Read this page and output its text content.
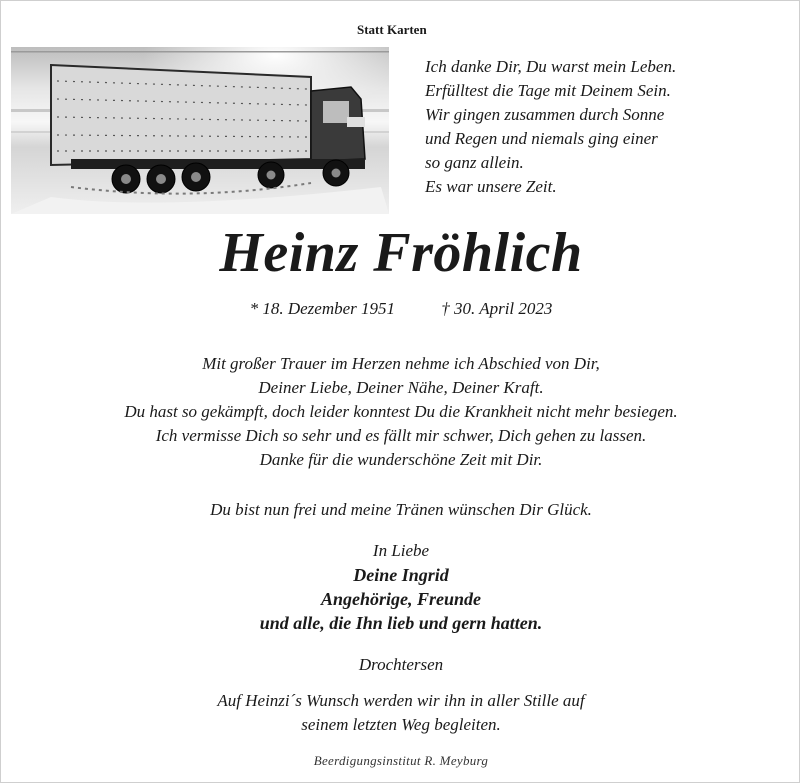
Statt Karten
Ich danke Dir, Du warst mein Leben.
Erfülltest die Tage mit Deinem Sein.
Wir gingen zusammen durch Sonne
und Regen und niemals ging einer
so ganz allein.
Es war unsere Zeit.
Heinz Fröhlich
* 18. Dezember 1951	† 30. April 2023
Mit großer Trauer im Herzen nehme ich Abschied von Dir,
Deiner Liebe, Deiner Nähe, Deiner Kraft.
Du hast so gekämpft, doch leider konntest Du die Krankheit nicht mehr besiegen.
Ich vermisse Dich so sehr und es fällt mir schwer, Dich gehen zu lassen.
Danke für die wunderschöne Zeit mit Dir.
Du bist nun frei und meine Tränen wünschen Dir Glück.
In Liebe
Deine Ingrid
Angehörige, Freunde
und alle, die Ihn lieb und gern hatten.
Drochtersen
Auf Heinzi´s Wunsch werden wir ihn in aller Stille auf
seinem letzten Weg begleiten.
Beerdigungsinstitut R. Meyburg
